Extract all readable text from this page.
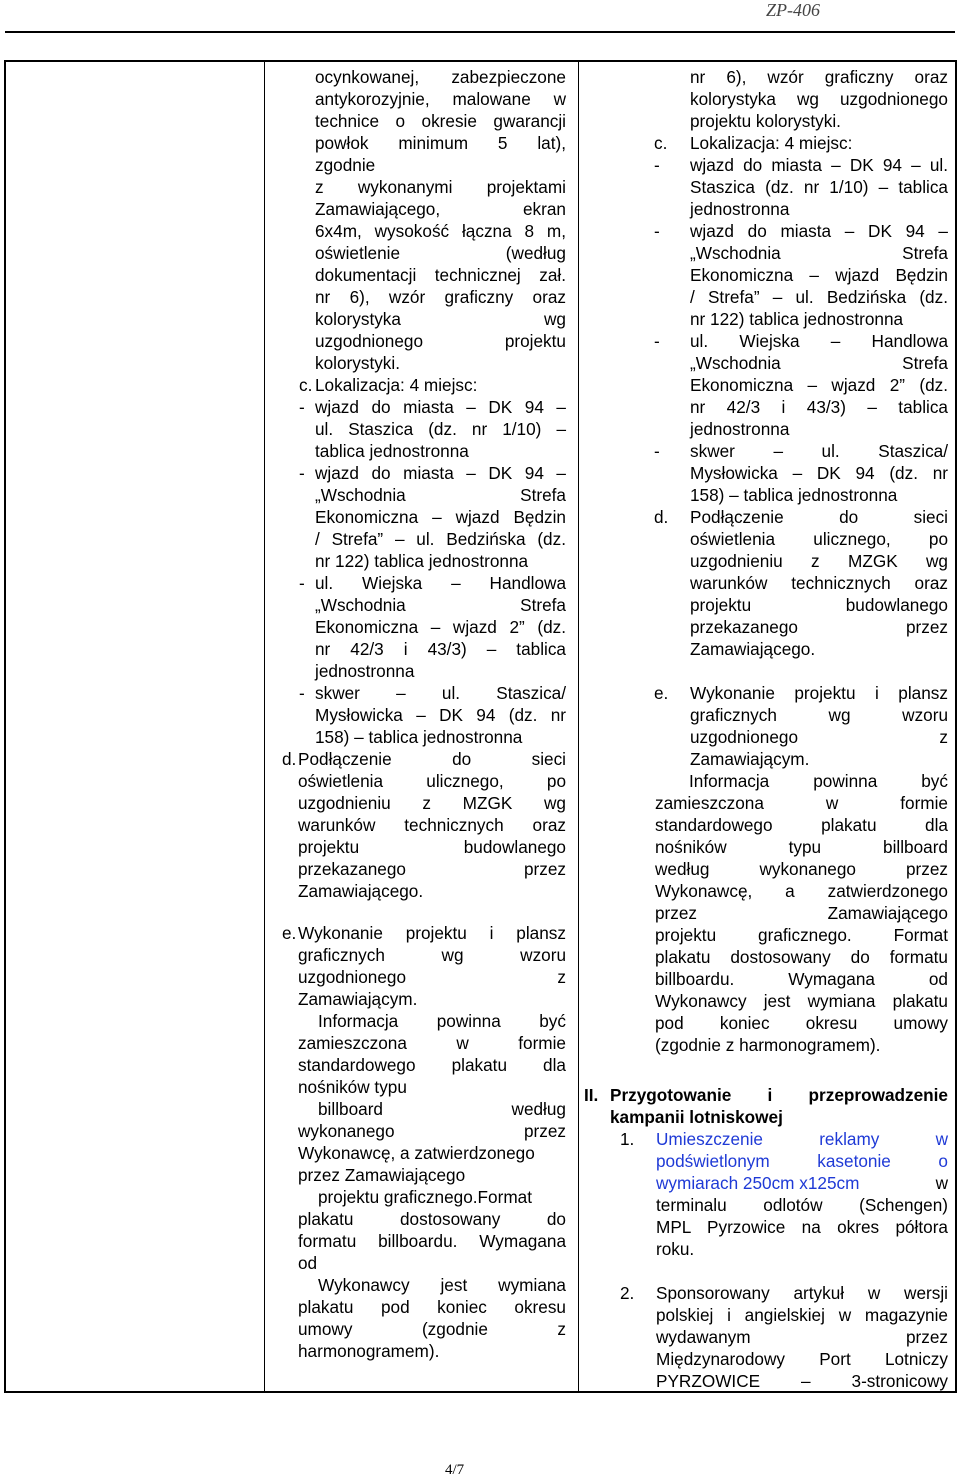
ZP-406
ocynkowanej, zabezpieczone
antykorozyjnie, malowane w
technice o okresie gwarancji
powłok minimum 5 lat),
zgodnie
z wykonanymi projektami
Zamawiającego, ekran
6x4m, wysokość łączna 8 m,
oświetlenie (według
dokumentacji technicznej zał.
nr 6), wzór graficzny oraz
kolorystyka wg
uzgodnionego projektu
kolorystyki.
c. Lokalizacja: 4 miejsc:
- wjazd do miasta – DK 94 –
ul. Staszica (dz. nr 1/10) –
tablica jednostronna
- wjazd do miasta – DK 94 –
„Wschodnia Strefa
Ekonomiczna – wjazd Będzin
/ Strefa” – ul. Bedzińska (dz.
nr 122) tablica jednostronna
- ul. Wiejska – Handlowa
„Wschodnia Strefa
Ekonomiczna – wjazd 2” (dz.
nr 42/3 i 43/3) – tablica
jednostronna
- skwer – ul. Staszica/
Mysłowicka – DK 94 (dz. nr
158) – tablica jednostronna
d. Podłączenie do sieci
oświetlenia ulicznego, po
uzgodnieniu z MZGK wg
warunków technicznych oraz
projektu budowlanego
przekazanego przez
Zamawiającego.
e. Wykonanie projektu i plansz
graficznych wg wzoru
uzgodnionego z
Zamawiającym.
Informacja powinna być
zamieszczona w formie
standardowego plakatu dla
nośników typu
billboard według
wykonanego przez
Wykonawcę, a zatwierdzonego
przez Zamawiającego
projektu graficznego.Format
plakatu dostosowany do
formatu billboardu. Wymagana
od
Wykonawcy jest wymiana
plakatu pod koniec okresu
umowy (zgodnie z
harmonogramem).
nr 6), wzór graficzny oraz
kolorystyka wg uzgodnionego
projektu kolorystyki.
c.	Lokalizacja: 4 miejsc:
-	wjazd do miasta – DK 94 – ul.
Staszica (dz. nr 1/10) – tablica
jednostronna
-	wjazd do miasta – DK 94 –
„Wschodnia Strefa
Ekonomiczna – wjazd Będzin
/ Strefa” – ul. Bedzińska (dz.
nr 122) tablica jednostronna
-	ul. Wiejska – Handlowa
„Wschodnia Strefa
Ekonomiczna – wjazd 2” (dz.
nr 42/3 i 43/3) – tablica
jednostronna
-	skwer – ul. Staszica/
Mysłowicka – DK 94 (dz. nr
158) – tablica jednostronna
d.	Podłączenie do sieci
oświetlenia ulicznego, po
uzgodnieniu z MZGK wg
warunków technicznych oraz
projektu budowlanego
przekazanego przez
Zamawiającego.
e.	Wykonanie projektu i plansz
graficznych wg wzoru
uzgodnionego z
Zamawiającym.
Informacja powinna być
zamieszczona w formie
standardowego plakatu dla
nośników typu billboard
według wykonanego przez
Wykonawcę, a zatwierdzonego
przez Zamawiającego
projektu graficznego. Format
plakatu dostosowany do formatu
billboardu. Wymagana od
Wykonawcy jest wymiana plakatu
pod koniec okresu umowy
(zgodnie z harmonogramem).
II. Przygotowanie i przeprowadzenie
kampanii lotniskowej
1.	Umieszczenie reklamy w
podświetlonym kasetonie o
wymiarach 250cm x125cm	w
terminalu odlotów (Schengen)
MPL Pyrzowice na okres półtora
roku.
2.	Sponsorowany artykuł w wersji
polskiej i angielskiej w magazynie
wydawanym przez
Międzynarodowy Port Lotniczy
PYRZOWICE – 3-stronicowy
4/7
